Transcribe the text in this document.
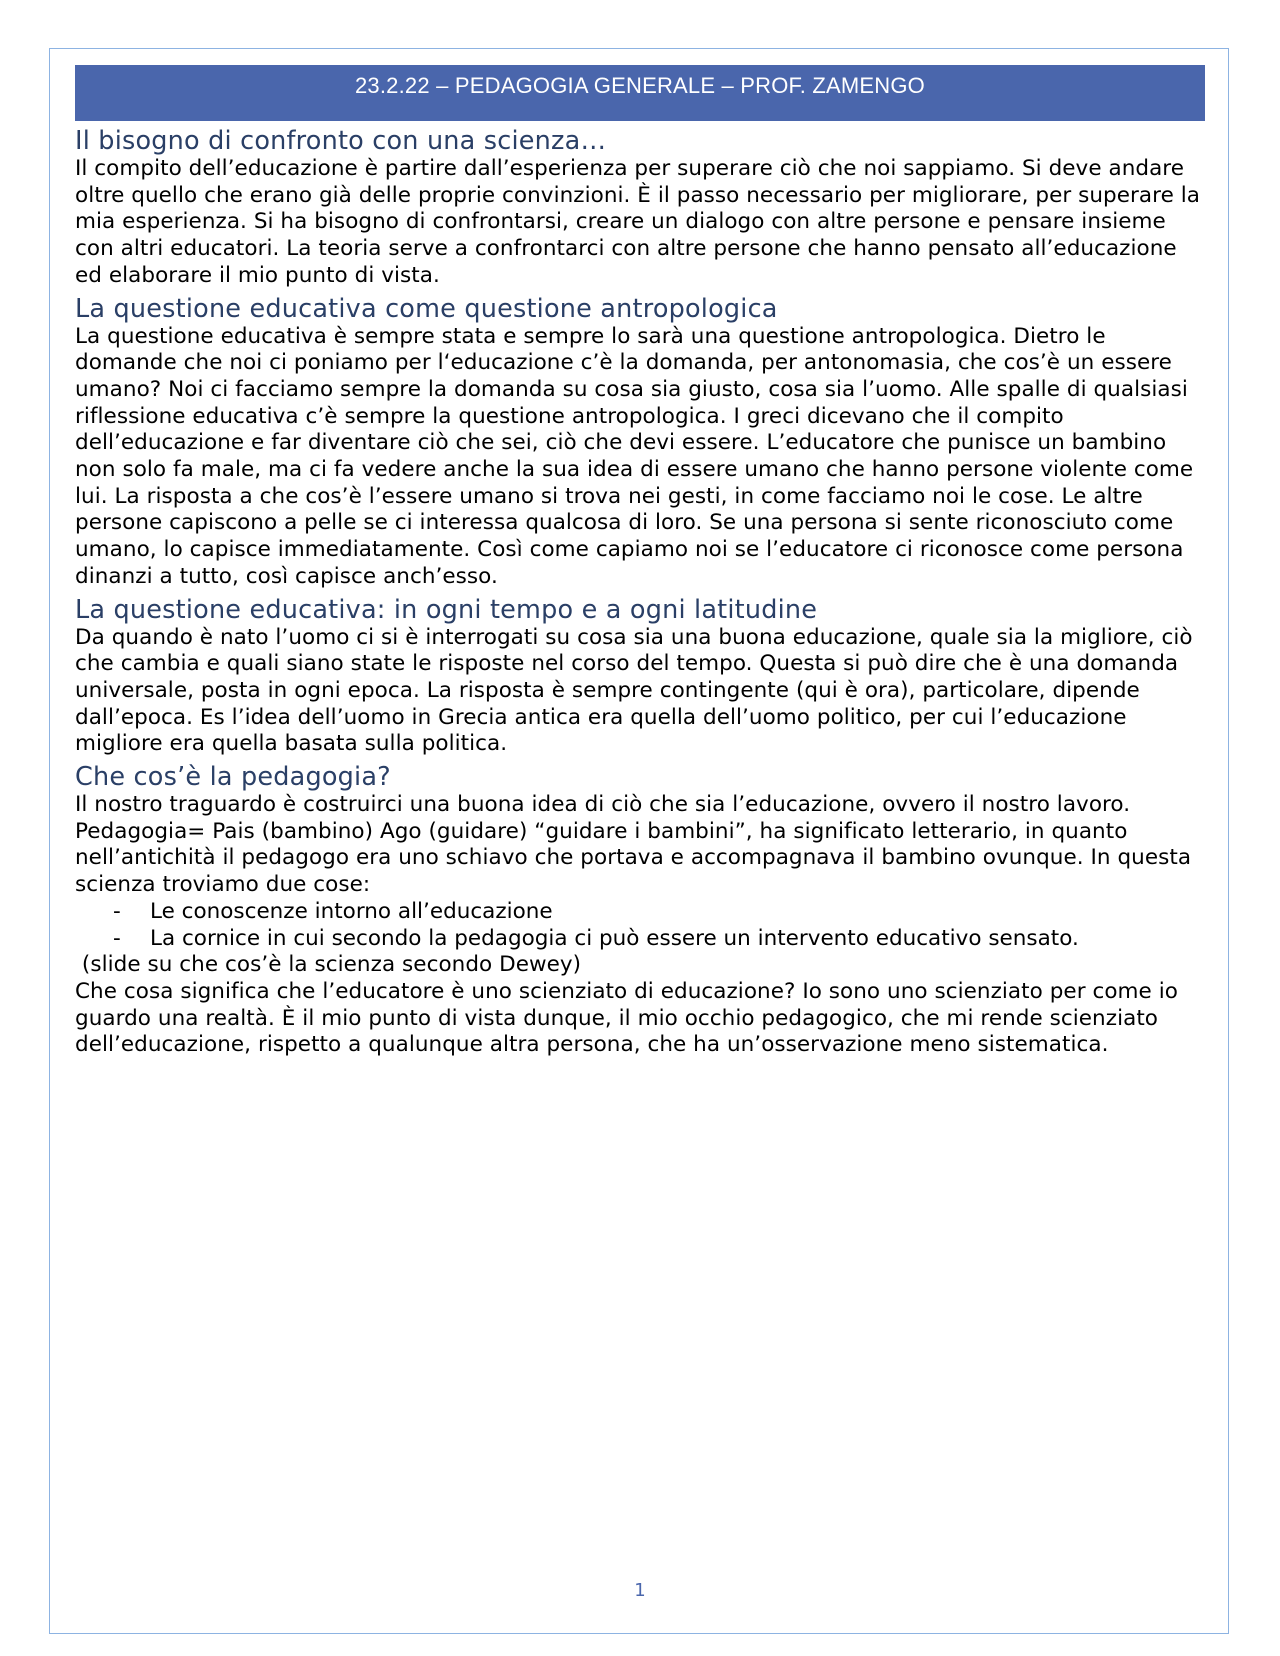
23.2.22 – PEDAGOGIA GENERALE – PROF. ZAMENGO
Il bisogno di confronto con una scienza…

Il compito dell’educazione è partire dall’esperienza per superare ciò che noi sappiamo. Si deve andare oltre quello che erano già delle proprie convinzioni. È il passo necessario per migliorare, per superare la mia esperienza. Si ha bisogno di confrontarsi, creare un dialogo con altre persone e pensare insieme con altri educatori. La teoria serve a confrontarci con altre persone che hanno pensato all’educazione ed elaborare il mio punto di vista.

La questione educativa come questione antropologica

La questione educativa è sempre stata e sempre lo sarà una questione antropologica. Dietro le domande che noi ci poniamo per l‘educazione c’è la domanda, per antonomasia, che cos’è un essere umano? Noi ci facciamo sempre la domanda su cosa sia giusto, cosa sia l’uomo. Alle spalle di qualsiasi riflessione educativa c’è sempre la questione antropologica. I greci dicevano che il compito dell’educazione e far diventare ciò che sei, ciò che devi essere. L’educatore che punisce un bambino non solo fa male, ma ci fa vedere anche la sua idea di essere umano che hanno persone violente come lui. La risposta a che cos’è l’essere umano si trova nei gesti, in come facciamo noi le cose. Le altre persone capiscono a pelle se ci interessa qualcosa di loro. Se una persona si sente riconosciuto come umano, lo capisce immediatamente. Così come capiamo noi se l’educatore ci riconosce come persona dinanzi a tutto, così capisce anch’esso.

La questione educativa: in ogni tempo e a ogni latitudine

Da quando è nato l’uomo ci si è interrogati su cosa sia una buona educazione, quale sia la migliore, ciò che cambia e quali siano state le risposte nel corso del tempo. Questa si può dire che è una domanda universale, posta in ogni epoca. La risposta è sempre contingente (qui è ora), particolare, dipende dall’epoca. Es l’idea dell’uomo in Grecia antica era quella dell’uomo politico, per cui l’educazione migliore era quella basata sulla politica.

Che cos’è la pedagogia?

Il nostro traguardo è costruirci una buona idea di ciò che sia l’educazione, ovvero il nostro lavoro. Pedagogia= Pais (bambino) Ago (guidare) “guidare i bambini”, ha significato letterario, in quanto nell’antichità il pedagogo era uno schiavo che portava e accompagnava il bambino ovunque. In questa scienza troviamo due cose:

- Le conoscenze intorno all’educazione
- La cornice in cui secondo la pedagogia ci può essere un intervento educativo sensato.

(slide su che cos’è la scienza secondo Dewey)

Che cosa significa che l’educatore è uno scienziato di educazione? Io sono uno scienziato per come io guardo una realtà. È il mio punto di vista dunque, il mio occhio pedagogico, che mi rende scienziato dell’educazione, rispetto a qualunque altra persona, che ha un’osservazione meno sistematica.

1
